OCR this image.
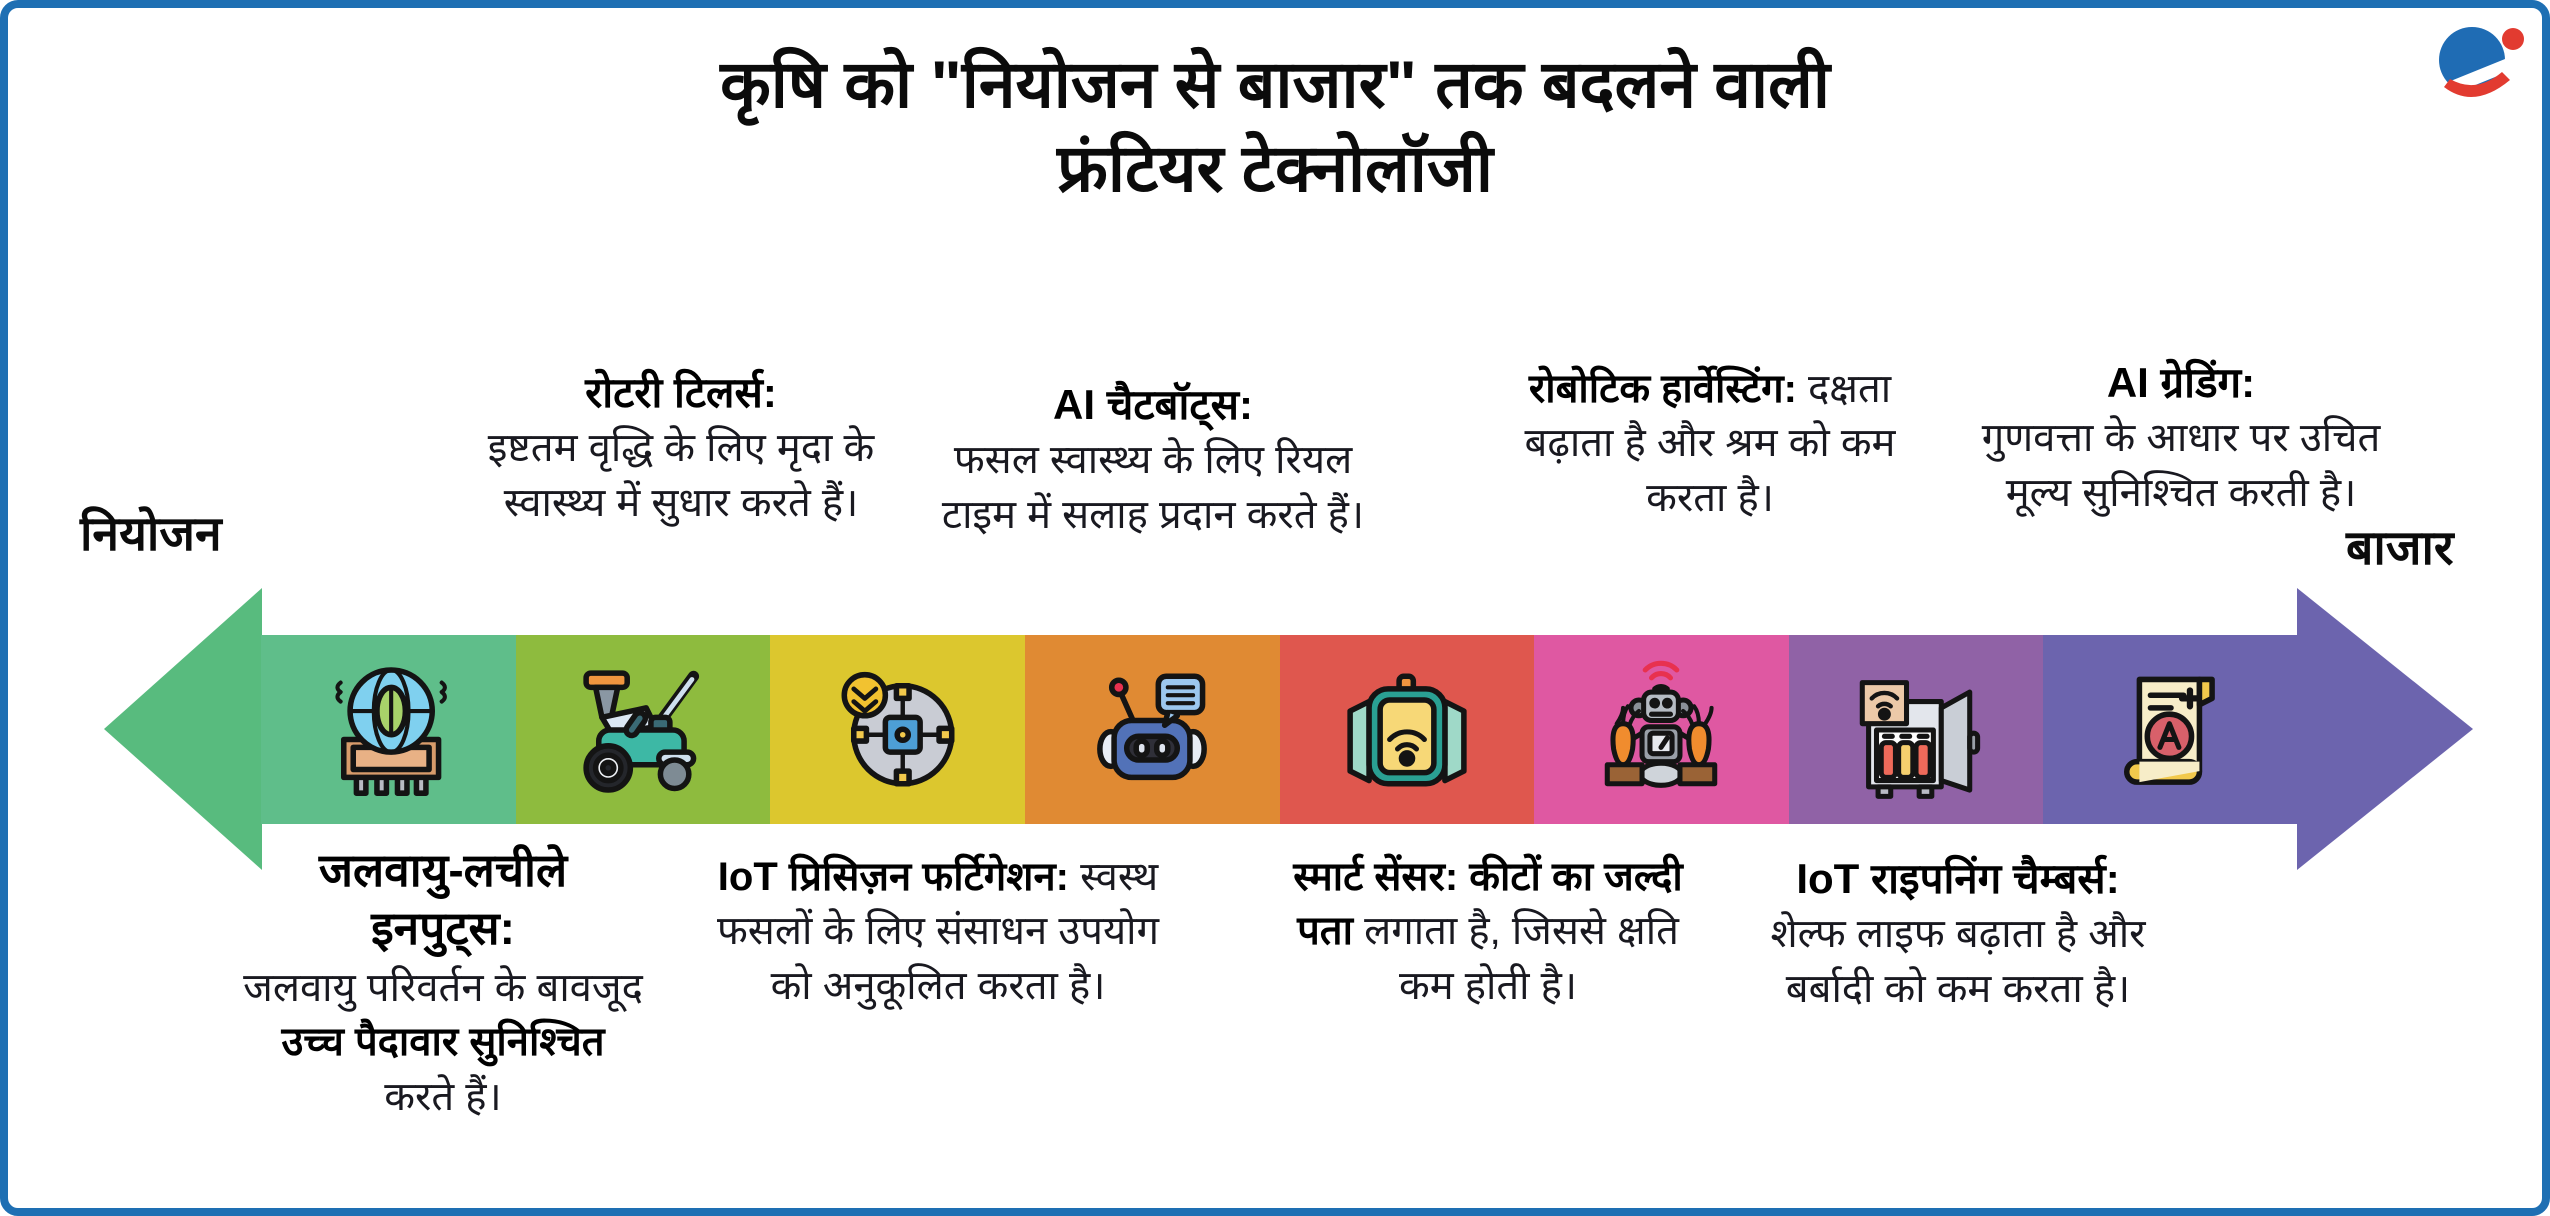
कृषि को "नियोजन से बाजार" तक बदलने वाली
फ्रंटियर टेक्नोलॉजी
नियोजन	बाजार
रोटरी टिलर्स:
इष्टतम वृद्धि के लिए मृदा के स्वास्थ्य में सुधार करते हैं।
AI चैटबॉट्स:
फसल स्वास्थ्य के लिए रियल टाइम में सलाह प्रदान करते हैं।
रोबोटिक हार्वेस्टिंग: दक्षता बढ़ाता है और श्रम को कम करता है।
AI ग्रेडिंग:
गुणवत्ता के आधार पर उचित मूल्य सुनिश्चित करती है।
जलवायु-लचीले इनपुट्स:
जलवायु परिवर्तन के बावजूद उच्च पैदावार सुनिश्चित करते हैं।
IoT प्रिसिज़न फर्टिगेशन: स्वस्थ फसलों के लिए संसाधन उपयोग को अनुकूलित करता है।
स्मार्ट सेंसर: कीटों का जल्दी पता लगाता है, जिससे क्षति कम होती है।
IoT राइपनिंग चैम्बर्स:
शेल्फ लाइफ बढ़ाता है और बर्बादी को कम करता है।
